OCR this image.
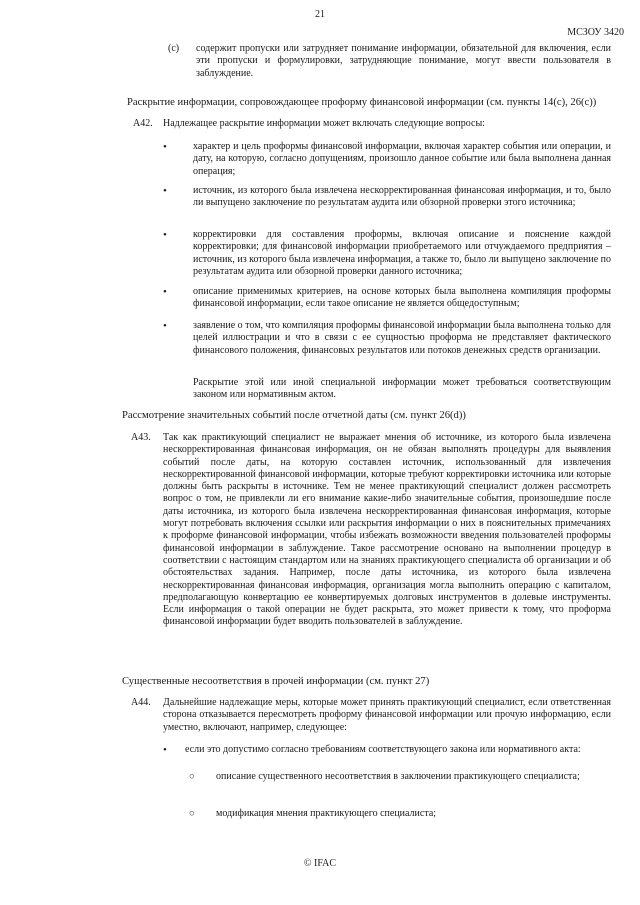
21
МСЗОУ 3420
(c) содержит пропуски или затрудняет понимание информации, обязательной для включения, если эти пропуски и формулировки, затрудняющие понимание, могут ввести пользователя в заблуждение.
Раскрытие информации, сопровождающее проформу финансовой информации (см. пункты 14(c), 26(c))
A42. Надлежащее раскрытие информации может включать следующие вопросы:
•	характер и цель проформы финансовой информации, включая характер события или операции, и дату, на которую, согласно допущениям, произошло данное событие или была выполнена данная операция;
•	источник, из которого была извлечена нескорректированная финансовая информация, и то, было ли выпущено заключение по результатам аудита или обзорной проверки этого источника;
•	корректировки для составления проформы, включая описание и пояснение каждой корректировки; для финансовой информации приобретаемого или отчуждаемого предприятия – источник, из которого была извлечена информация, а также то, было ли выпущено заключение по результатам аудита или обзорной проверки данного источника;
•	описание применимых критериев, на основе которых была выполнена компиляция проформы финансовой информации, если такое описание не является общедоступным;
•	заявление о том, что компиляция проформы финансовой информации была выполнена только для целей иллюстрации и что в связи с ее сущностью проформа не представляет фактического финансового положения, финансовых результатов или потоков денежных средств организации.
Раскрытие этой или иной специальной информации может требоваться соответствующим законом или нормативным актом.
Рассмотрение значительных событий после отчетной даты (см. пункт 26(d))
A43. Так как практикующий специалист не выражает мнения об источнике, из которого была извлечена нескорректированная финансовая информация, он не обязан выполнять процедуры для выявления событий после даты, на которую составлен источник, использованный для извлечения нескорректированной финансовой информации, которые требуют корректировки источника или которые должны быть раскрыты в источнике. Тем не менее практикующий специалист должен рассмотреть вопрос о том, не привлекли ли его внимание какие-либо значительные события, произошедшие после даты источника, из которого была извлечена нескорректированная финансовая информация, которые могут потребовать включения ссылки или раскрытия информации о них в пояснительных примечаниях к проформе финансовой информации, чтобы избежать возможности введения пользователей проформы финансовой информации в заблуждение. Такое рассмотрение основано на выполнении процедур в соответствии с настоящим стандартом или на знаниях практикующего специалиста об организации и об обстоятельствах задания. Например, после даты источника, из которого была извлечена нескорректированная финансовая информация, организация могла выполнить операцию с капиталом, предполагающую конвертацию ее конвертируемых долговых инструментов в долевые инструменты. Если информация о такой операции не будет раскрыта, это может привести к тому, что проформа финансовой информации будет вводить пользователей в заблуждение.
Существенные несоответствия в прочей информации (см. пункт 27)
A44. Дальнейшие надлежащие меры, которые может принять практикующий специалист, если ответственная сторона отказывается пересмотреть проформу финансовой информации или прочую информацию, если уместно, включают, например, следующее:
• если это допустимо согласно требованиям соответствующего закона или нормативного акта:
○ описание существенного несоответствия в заключении практикующего специалиста;
○ модификация мнения практикующего специалиста;
© IFAC
